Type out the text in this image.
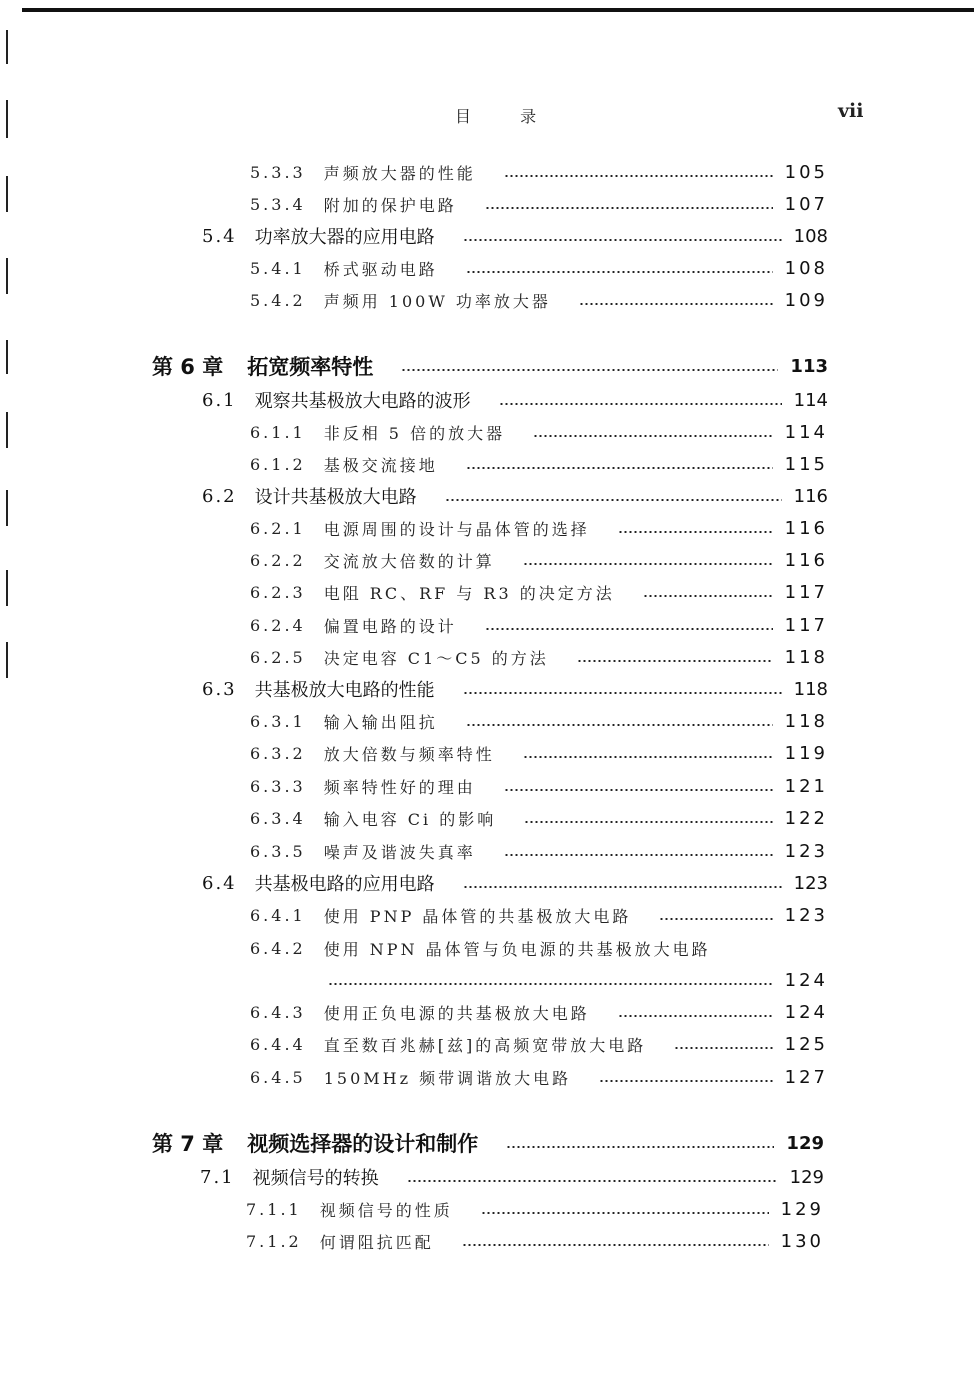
目 录	vii
5.3.3	声频放大器的性能	105
5.3.4	附加的保护电路	107
5.4	功率放大器的应用电路	108
5.4.1	桥式驱动电路	108
5.4.2	声频用 100W 功率放大器	109
第 6 章	拓宽频率特性	113
6.1	观察共基极放大电路的波形	114
6.1.1	非反相 5 倍的放大器	114
6.1.2	基极交流接地	115
6.2	设计共基极放大电路	116
6.2.1	电源周围的设计与晶体管的选择	116
6.2.2	交流放大倍数的计算	116
6.2.3	电阻 RC、RF 与 R3 的决定方法	117
6.2.4	偏置电路的设计	117
6.2.5	决定电容 C1～C5 的方法	118
6.3	共基极放大电路的性能	118
6.3.1	输入输出阻抗	118
6.3.2	放大倍数与频率特性	119
6.3.3	频率特性好的理由	121
6.3.4	输入电容 Ci 的影响	122
6.3.5	噪声及谐波失真率	123
6.4	共基极电路的应用电路	123
6.4.1	使用 PNP 晶体管的共基极放大电路	123
6.4.2	使用 NPN 晶体管与负电源的共基极放大电路
124
6.4.3	使用正负电源的共基极放大电路	124
6.4.4	直至数百兆赫[兹]的高频宽带放大电路	125
6.4.5	150MHz 频带调谐放大电路	127
第 7 章	视频选择器的设计和制作	129
7.1	视频信号的转换	129
7.1.1	视频信号的性质	129
7.1.2	何谓阻抗匹配	130
